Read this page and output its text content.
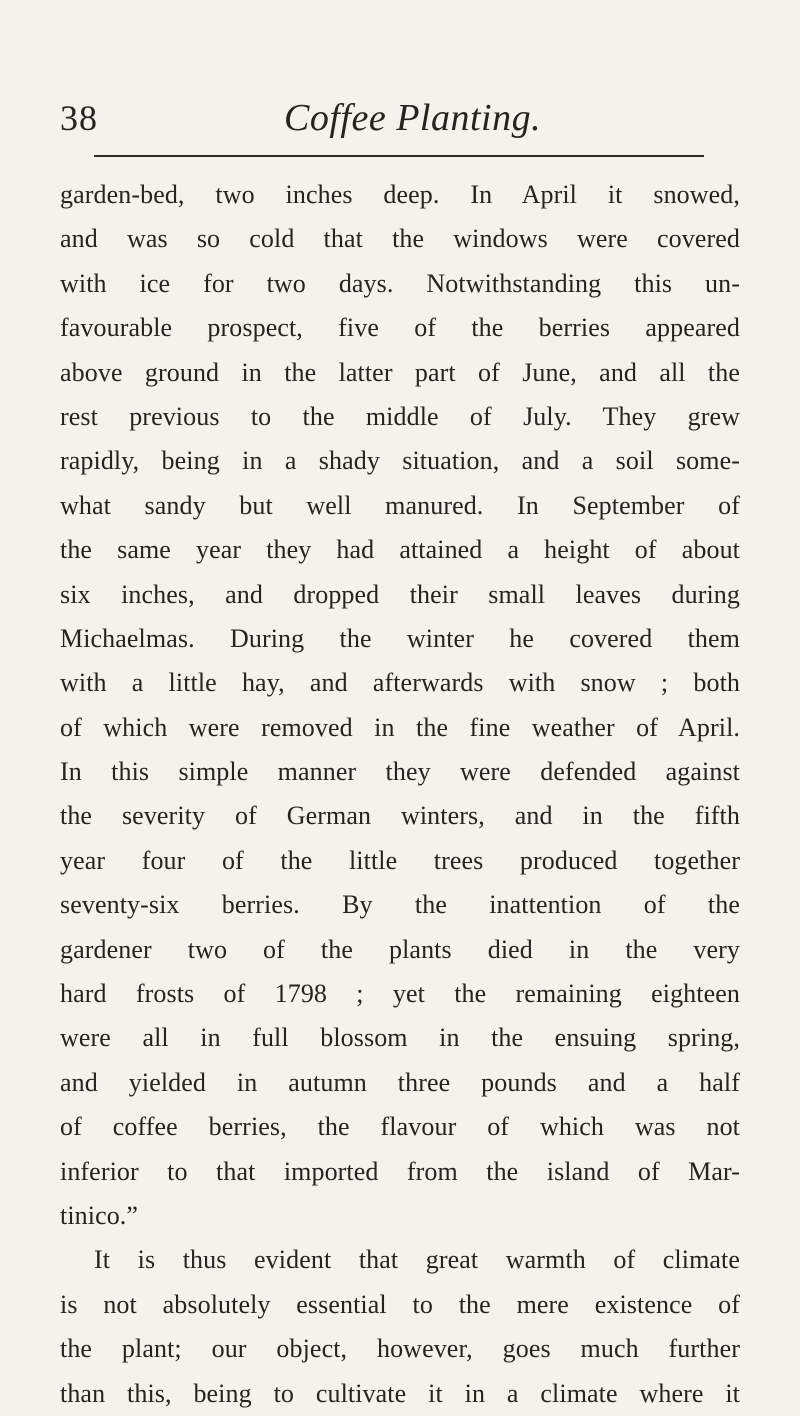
38	Coffee Planting.
garden-bed, two inches deep. In April it snowed,
and was so cold that the windows were covered
with ice for two days. Notwithstanding this un-
favourable prospect, five of the berries appeared
above ground in the latter part of June, and all the
rest previous to the middle of July. They grew
rapidly, being in a shady situation, and a soil some-
what sandy but well manured. In September of
the same year they had attained a height of about
six inches, and dropped their small leaves during
Michaelmas. During the winter he covered them
with a little hay, and afterwards with snow ; both
of which were removed in the fine weather of April.
In this simple manner they were defended against
the severity of German winters, and in the fifth
year four of the little trees produced together
seventy-six berries. By the inattention of the
gardener two of the plants died in the very
hard frosts of 1798 ; yet the remaining eighteen
were all in full blossom in the ensuing spring,
and yielded in autumn three pounds and a half
of coffee berries, the flavour of which was not
inferior to that imported from the island of Mar-
tinico.”
It is thus evident that great warmth of climate
is not absolutely essential to the mere existence of
the plant; our object, however, goes much further
than this, being to cultivate it in a climate where it
